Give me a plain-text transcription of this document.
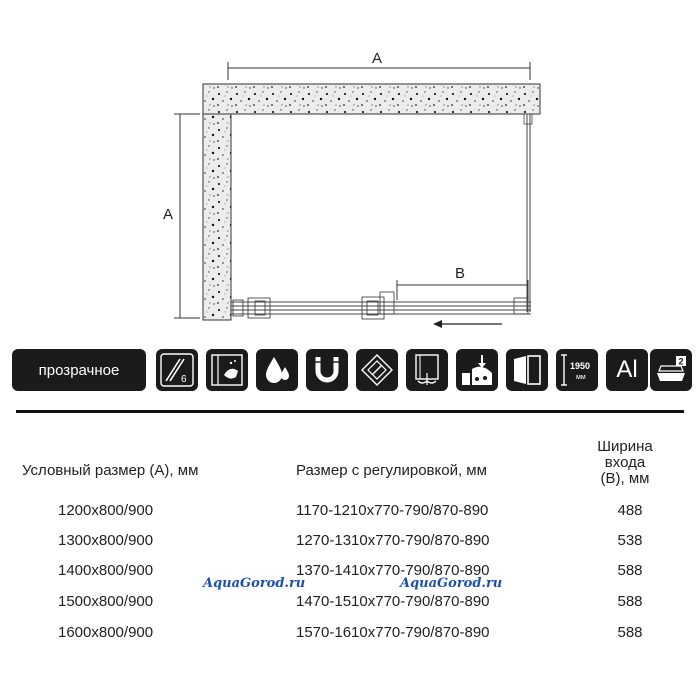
A
A
B
прозрачное
6
1950
мм Al	2
Условный размер (А), мм	Размер с регулировкой, мм
Ширина
входа
(В), мм
1200х800/900	1170-1210х770-790/870-890	488
1300х800/900	1270-1310х770-790/870-890	538
1400х800/900	1370-1410х770-790/870-890	588
1500х800/900	1470-1510х770-790/870-890	588
1600х800/900	1570-1610х770-790/870-890	588
AquaGorod.ru	AquaGorod.ru
